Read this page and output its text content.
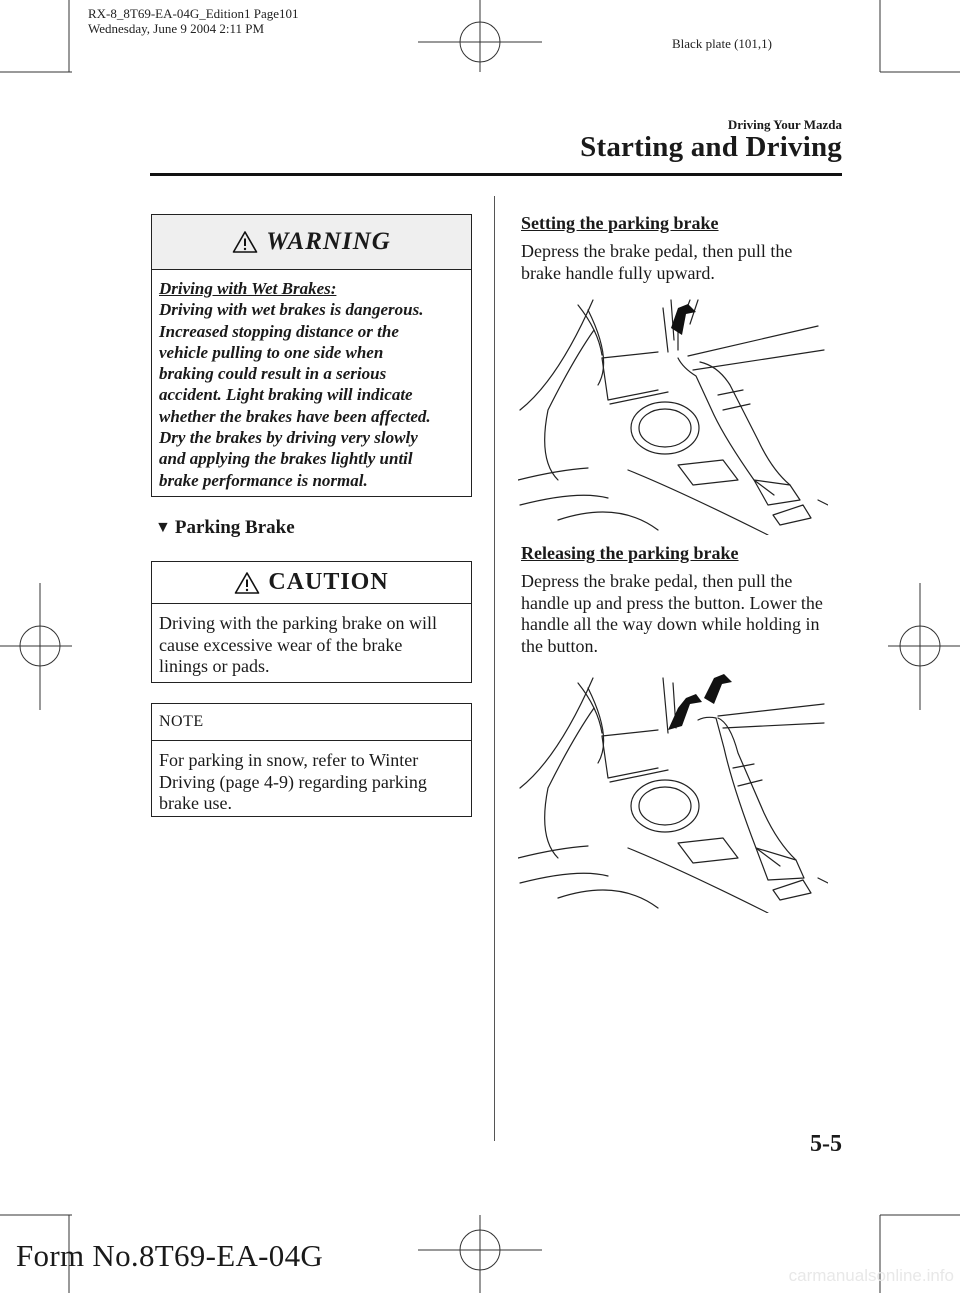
RX-8_8T69-EA-04G_Edition1 Page101
Wednesday, June 9 2004 2:11 PM
Black plate (101,1)
Driving Your Mazda
Starting and Driving
WARNING
Driving with Wet Brakes:
Driving with wet brakes is dangerous.
Increased stopping distance or the
vehicle pulling to one side when
braking could result in a serious
accident. Light braking will indicate
whether the brakes have been affected.
Dry the brakes by driving very slowly
and applying the brakes lightly until
brake performance is normal.
▼ Parking Brake
CAUTION
Driving with the parking brake on will
cause excessive wear of the brake
linings or pads.
NOTE
For parking in snow, refer to Winter
Driving (page 4-9) regarding parking
brake use.
Setting the parking brake
Depress the brake pedal, then pull the
brake handle fully upward.
Releasing the parking brake
Depress the brake pedal, then pull the
handle up and press the button. Lower the
handle all the way down while holding in
the button.
5-5
Form No.8T69-EA-04G
carmanualsonline.info
